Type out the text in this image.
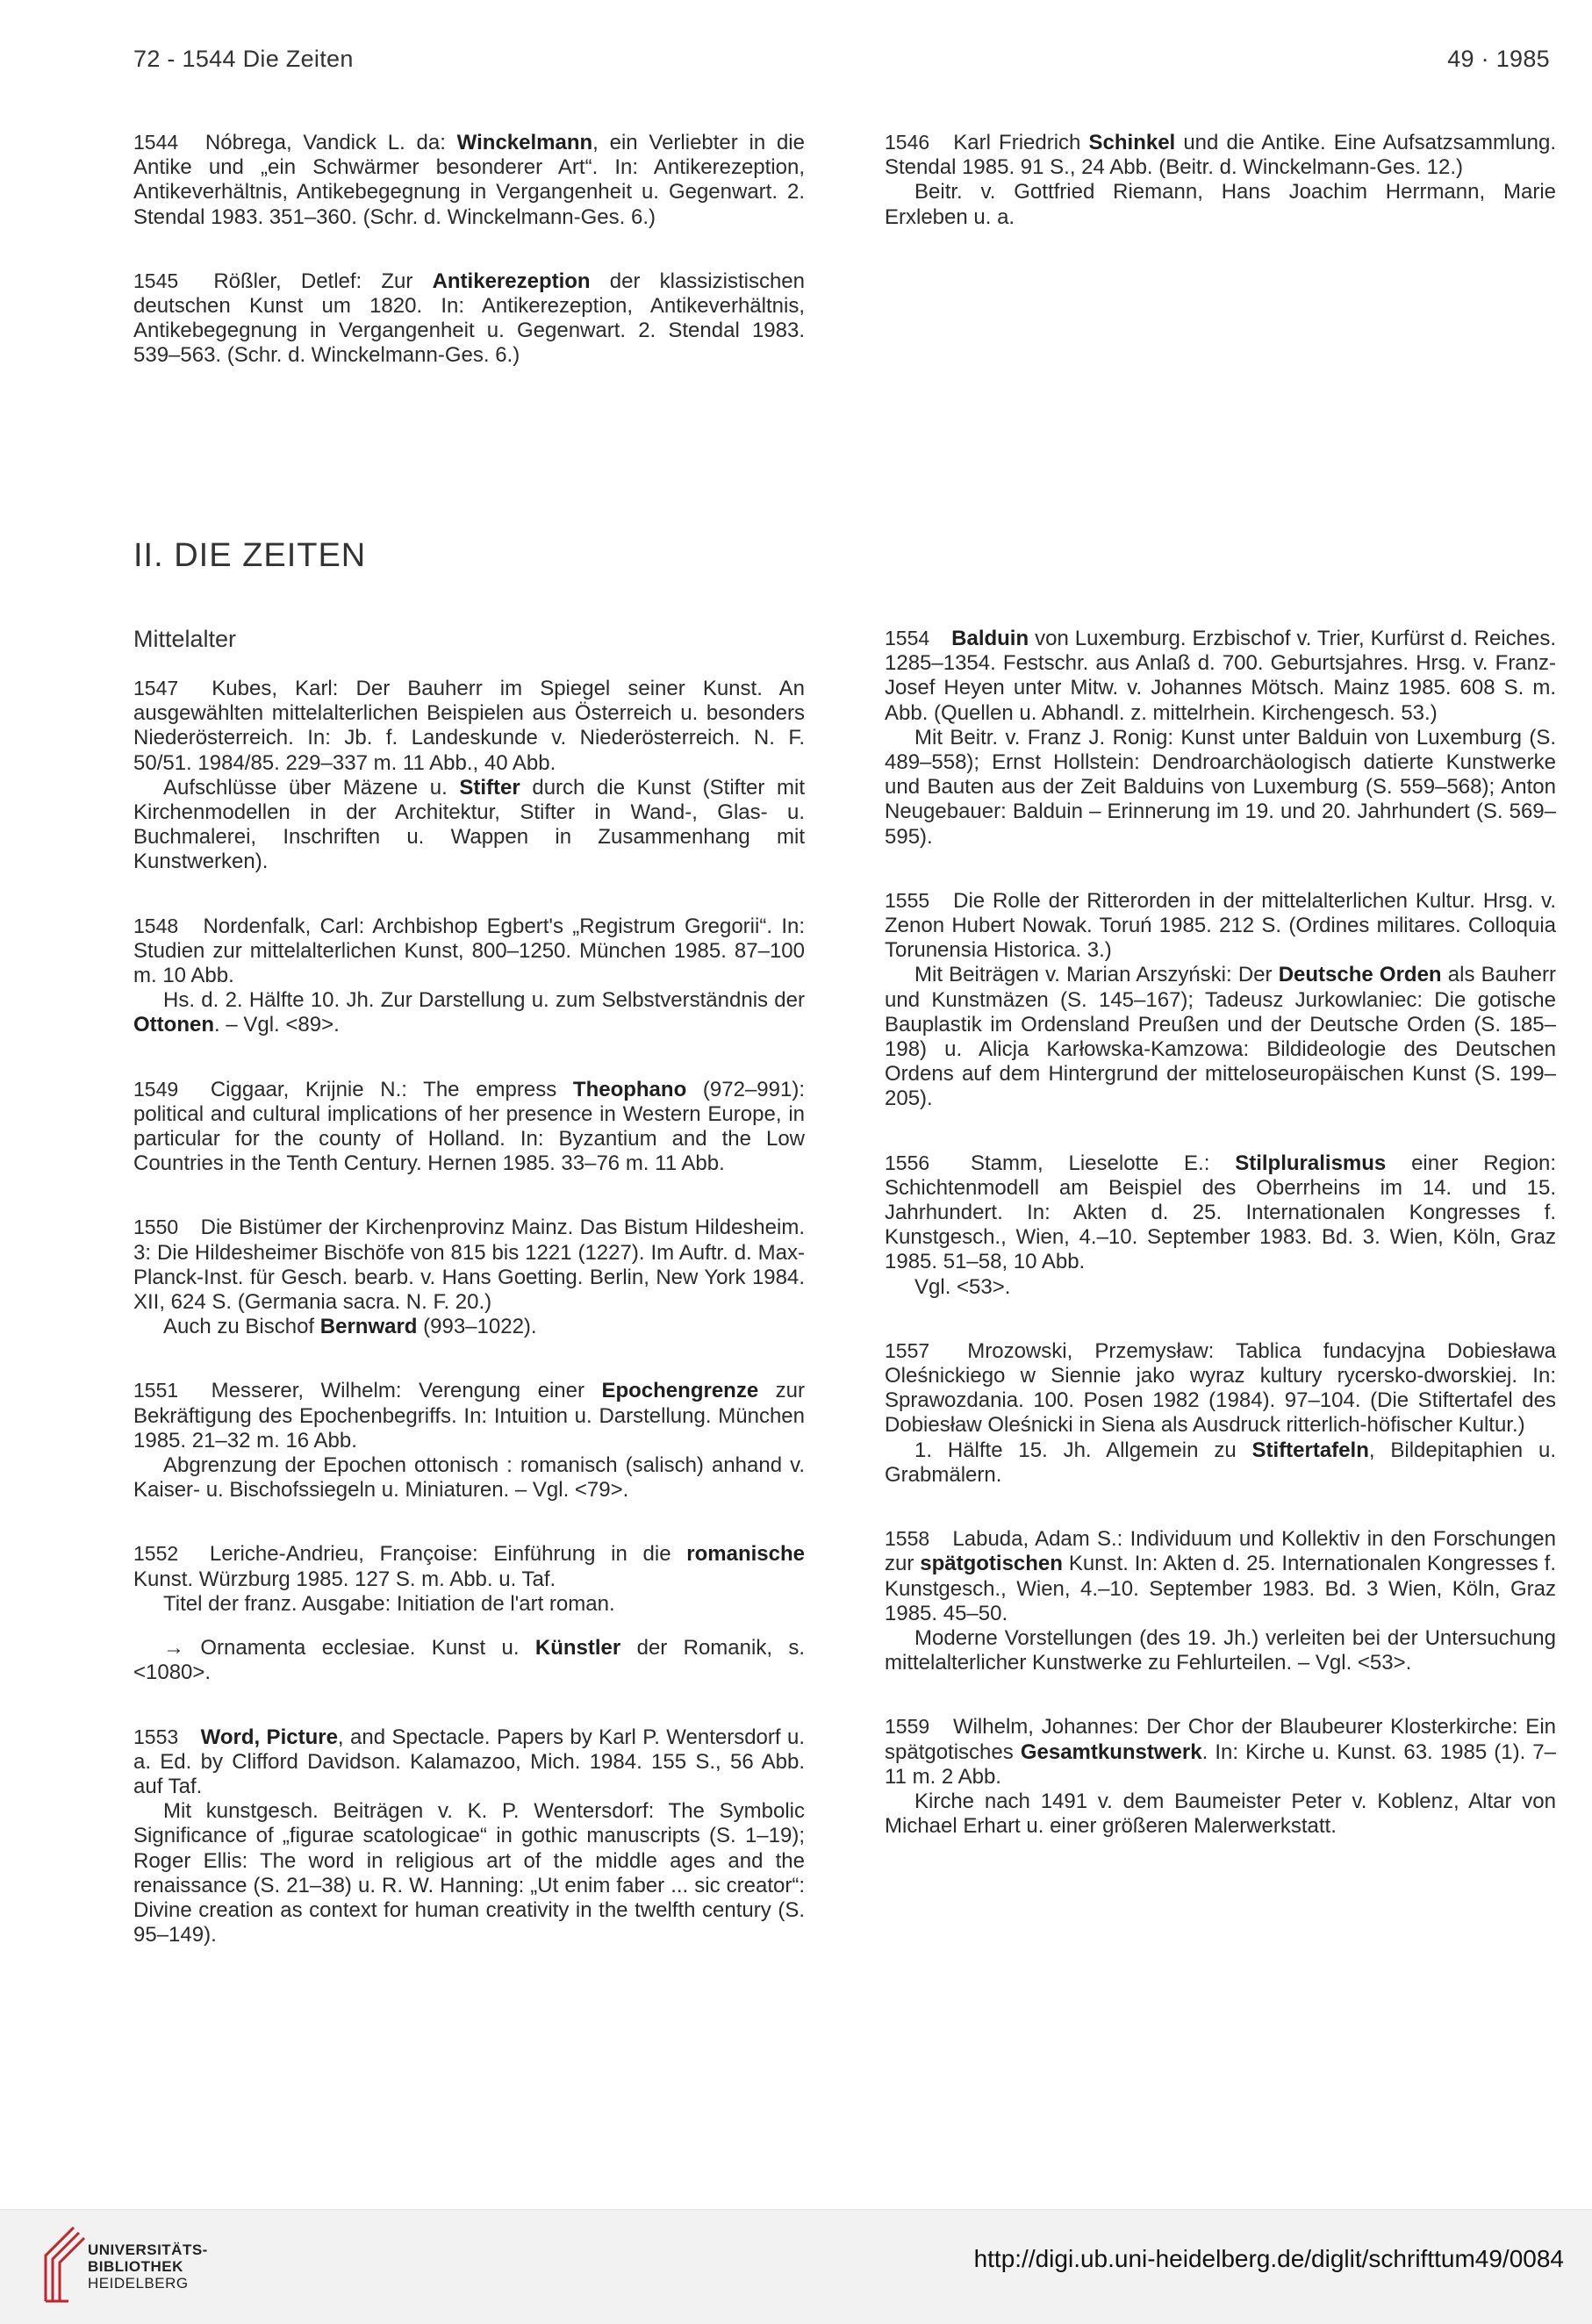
72 - 1544 Die Zeiten	49 · 1985

1544 Nóbrega, Vandick L. da: Winckelmann, ein Verliebter in die Antike und „ein Schwärmer besonderer Art“. In: Antikerezeption, Antikeverhältnis, Antikebegegnung in Vergangenheit u. Gegenwart. 2. Stendal 1983. 351–360. (Schr. d. Winckelmann-Ges. 6.)

1545 Rößler, Detlef: Zur Antikerezeption der klassizistischen deutschen Kunst um 1820. In: Antikerezeption, Antikeverhältnis, Antikebegegnung in Vergangenheit u. Gegenwart. 2. Stendal 1983. 539–563. (Schr. d. Winckelmann-Ges. 6.)

1546 Karl Friedrich Schinkel und die Antike. Eine Aufsatzsammlung. Stendal 1985. 91 S., 24 Abb. (Beitr. d. Winckelmann-Ges. 12.)

Beitr. v. Gottfried Riemann, Hans Joachim Herrmann, Marie Erxleben u. a.

II. DIE ZEITEN
Mittelalter

1547 Kubes, Karl: Der Bauherr im Spiegel seiner Kunst. An ausgewählten mittelalterlichen Beispielen aus Österreich u. besonders Niederösterreich. In: Jb. f. Landeskunde v. Niederösterreich. N. F. 50/51. 1984/85. 229–337 m. 11 Abb., 40 Abb.

Aufschlüsse über Mäzene u. Stifter durch die Kunst (Stifter mit Kirchenmodellen in der Architektur, Stifter in Wand-, Glas- u. Buchmalerei, Inschriften u. Wappen in Zusammenhang mit Kunstwerken).

1548 Nordenfalk, Carl: Archbishop Egbert's „Registrum Gregorii“. In: Studien zur mittelalterlichen Kunst, 800–1250. München 1985. 87–100 m. 10 Abb.

Hs. d. 2. Hälfte 10. Jh. Zur Darstellung u. zum Selbstverständnis der Ottonen. – Vgl. <89>.

1549 Ciggaar, Krijnie N.: The empress Theophano (972–991): political and cultural implications of her presence in Western Europe, in particular for the county of Holland. In: Byzantium and the Low Countries in the Tenth Century. Hernen 1985. 33–76 m. 11 Abb.

1550 Die Bistümer der Kirchenprovinz Mainz. Das Bistum Hildesheim. 3: Die Hildesheimer Bischöfe von 815 bis 1221 (1227). Im Auftr. d. Max-Planck-Inst. für Gesch. bearb. v. Hans Goetting. Berlin, New York 1984. XII, 624 S. (Germania sacra. N. F. 20.)

Auch zu Bischof Bernward (993–1022).

1551 Messerer, Wilhelm: Verengung einer Epochengrenze zur Bekräftigung des Epochenbegriffs. In: Intuition u. Darstellung. München 1985. 21–32 m. 16 Abb.

Abgrenzung der Epochen ottonisch : romanisch (salisch) anhand v. Kaiser- u. Bischofssiegeln u. Miniaturen. – Vgl. <79>.

1552 Leriche-Andrieu, Françoise: Einführung in die romanische Kunst. Würzburg 1985. 127 S. m. Abb. u. Taf.

Titel der franz. Ausgabe: Initiation de l'art roman.

→ Ornamenta ecclesiae. Kunst u. Künstler der Romanik, s. <1080>.

1553 Word, Picture, and Spectacle. Papers by Karl P. Wentersdorf u. a. Ed. by Clifford Davidson. Kalamazoo, Mich. 1984. 155 S., 56 Abb. auf Taf.

Mit kunstgesch. Beiträgen v. K. P. Wentersdorf: The Symbolic Significance of „figurae scatologicae“ in gothic manuscripts (S. 1–19); Roger Ellis: The word in religious art of the middle ages and the renaissance (S. 21–38) u. R. W. Hanning: „Ut enim faber ... sic creator“: Divine creation as context for human creativity in the twelfth century (S. 95–149).

1554 Balduin von Luxemburg. Erzbischof v. Trier, Kurfürst d. Reiches. 1285–1354. Festschr. aus Anlaß d. 700. Geburtsjahres. Hrsg. v. Franz-Josef Heyen unter Mitw. v. Johannes Mötsch. Mainz 1985. 608 S. m. Abb. (Quellen u. Abhandl. z. mittelrhein. Kirchengesch. 53.)

Mit Beitr. v. Franz J. Ronig: Kunst unter Balduin von Luxemburg (S. 489–558); Ernst Hollstein: Dendroarchäologisch datierte Kunstwerke und Bauten aus der Zeit Balduins von Luxemburg (S. 559–568); Anton Neugebauer: Balduin – Erinnerung im 19. und 20. Jahrhundert (S. 569–595).

1555 Die Rolle der Ritterorden in der mittelalterlichen Kultur. Hrsg. v. Zenon Hubert Nowak. Toruń 1985. 212 S. (Ordines militares. Colloquia Torunensia Historica. 3.)

Mit Beiträgen v. Marian Arszyński: Der Deutsche Orden als Bauherr und Kunstmäzen (S. 145–167); Tadeusz Jurkowlaniec: Die gotische Bauplastik im Ordensland Preußen und der Deutsche Orden (S. 185–198) u. Alicja Karłowska-Kamzowa: Bildideologie des Deutschen Ordens auf dem Hintergrund der mitteloseuropäischen Kunst (S. 199–205).

1556 Stamm, Lieselotte E.: Stilpluralismus einer Region: Schichtenmodell am Beispiel des Oberrheins im 14. und 15. Jahrhundert. In: Akten d. 25. Internationalen Kongresses f. Kunstgesch., Wien, 4.–10. September 1983. Bd. 3. Wien, Köln, Graz 1985. 51–58, 10 Abb.

Vgl. <53>.

1557 Mrozowski, Przemysław: Tablica fundacyjna Dobiesława Oleśnickiego w Siennie jako wyraz kultury rycersko-dworskiej. In: Sprawozdania. 100. Posen 1982 (1984). 97–104. (Die Stiftertafel des Dobiesław Oleśnicki in Siena als Ausdruck ritterlich-höfischer Kultur.)

1. Hälfte 15. Jh. Allgemein zu Stiftertafeln, Bildepitaphien u. Grabmälern.

1558 Labuda, Adam S.: Individuum und Kollektiv in den Forschungen zur spätgotischen Kunst. In: Akten d. 25. Internationalen Kongresses f. Kunstgesch., Wien, 4.–10. September 1983. Bd. 3 Wien, Köln, Graz 1985. 45–50.

Moderne Vorstellungen (des 19. Jh.) verleiten bei der Untersuchung mittelalterlicher Kunstwerke zu Fehlurteilen. – Vgl. <53>.

1559 Wilhelm, Johannes: Der Chor der Blaubeurer Klosterkirche: Ein spätgotisches Gesamtkunstwerk. In: Kirche u. Kunst. 63. 1985 (1). 7–11 m. 2 Abb.

Kirche nach 1491 v. dem Baumeister Peter v. Koblenz, Altar von Michael Erhart u. einer größeren Malerwerkstatt.

UNIVERSITÄTS-
BIBLIOTHEK
HEIDELBERG
http://digi.ub.uni-heidelberg.de/diglit/schrifttum49/0084
